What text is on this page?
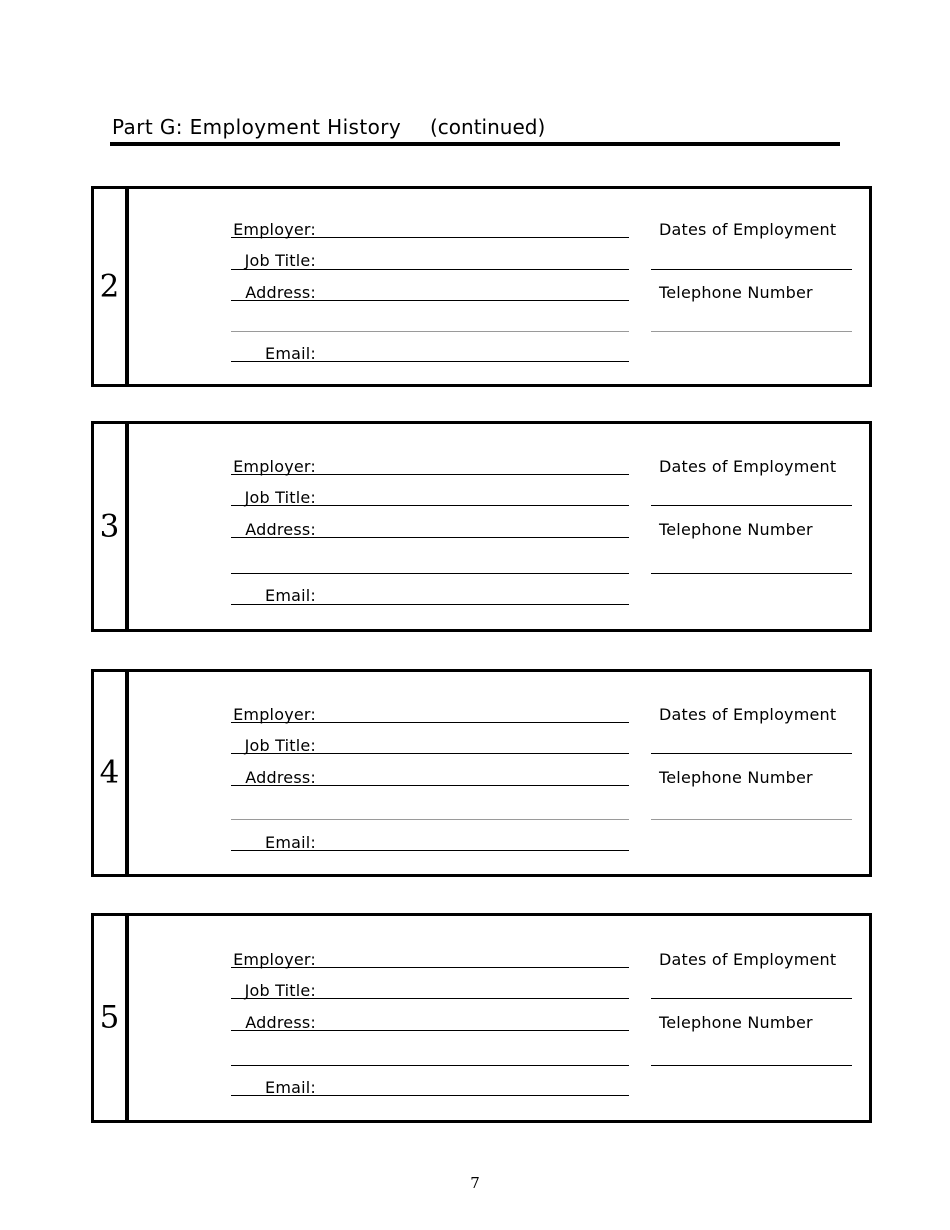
Part G: Employment History (continued)
2
Employer:
Job Title:
Address:
Email:
Dates of Employment
Telephone Number
3
Employer:
Job Title:
Address:
Email:
Dates of Employment
Telephone Number
4
Employer:
Job Title:
Address:
Email:
Dates of Employment
Telephone Number
5
Employer:
Job Title:
Address:
Email:
Dates of Employment
Telephone Number
7
